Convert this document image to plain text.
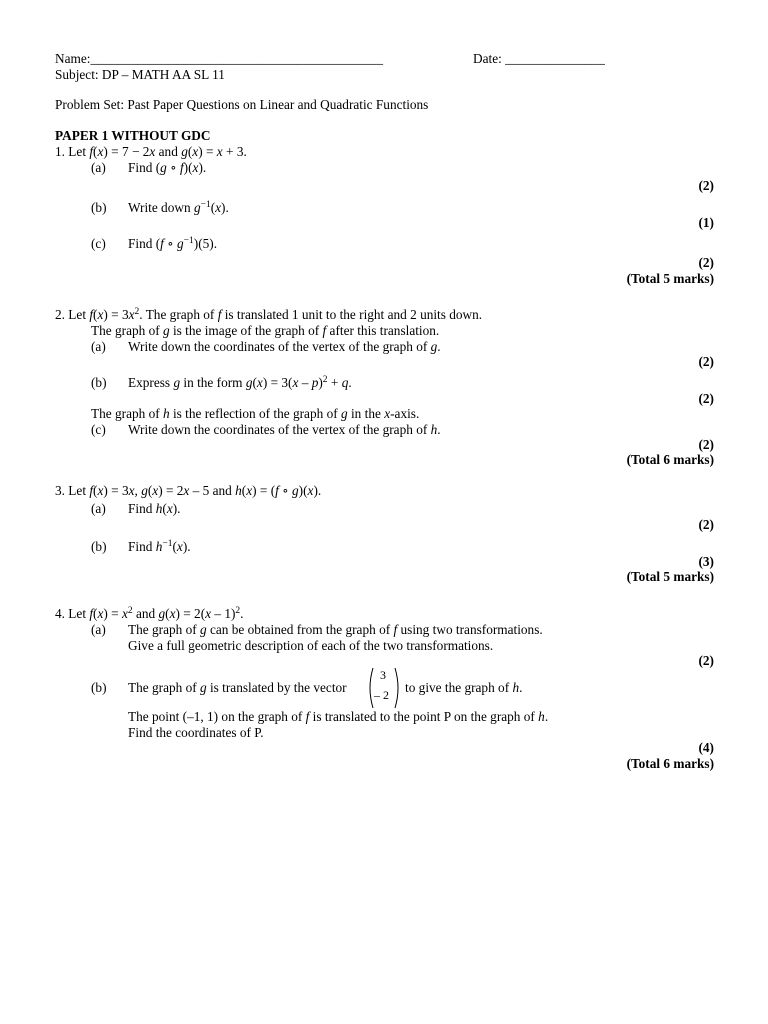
Name:____________________________________________	Date: _______________
Subject: DP – MATH AA SL 11
Problem Set: Past Paper Questions on Linear and Quadratic Functions
PAPER 1 WITHOUT GDC
1. Let f(x) = 7 − 2x and g(x) = x + 3.
(a) Find (g ∘ f)(x).
(2)
(b) Write down $g^{-1}(x)$.
(1)
(c) Find (f ∘ $g^{-1})(5)$.
(2)
(Total 5 marks)
2. Let $f(x) = 3x^2$. The graph of f is translated 1 unit to the right and 2 units down.
The graph of g is the image of the graph of f after this translation.
(a) Write down the coordinates of the vertex of the graph of g.
(2)
(b) Express g in the form g(x) = 3(x – p)$^2$ + q.
(2)
The graph of h is the reflection of the graph of g in the x-axis.
(c) Write down the coordinates of the vertex of the graph of h.
(2)
(Total 6 marks)
3. Let f(x) = 3x, g(x) = 2x – 5 and h(x) = (f ∘ g)(x).
(a) Find h(x).
(2)
(b) Find $h^{-1}(x)$.
(3)
(Total 5 marks)
4. Let $f(x) = x^2$ and g(x) = 2(x – 1)$^2$.
(a) The graph of g can be obtained from the graph of f using two transformations.
Give a full geometric description of each of the two transformations.
(2)
(b) The graph of g is translated by the vector	to give the graph of h.
3
– 2
The point (–1, 1) on the graph of f is translated to the point P on the graph of h.
Find the coordinates of P.
(4)
(Total 6 marks)
